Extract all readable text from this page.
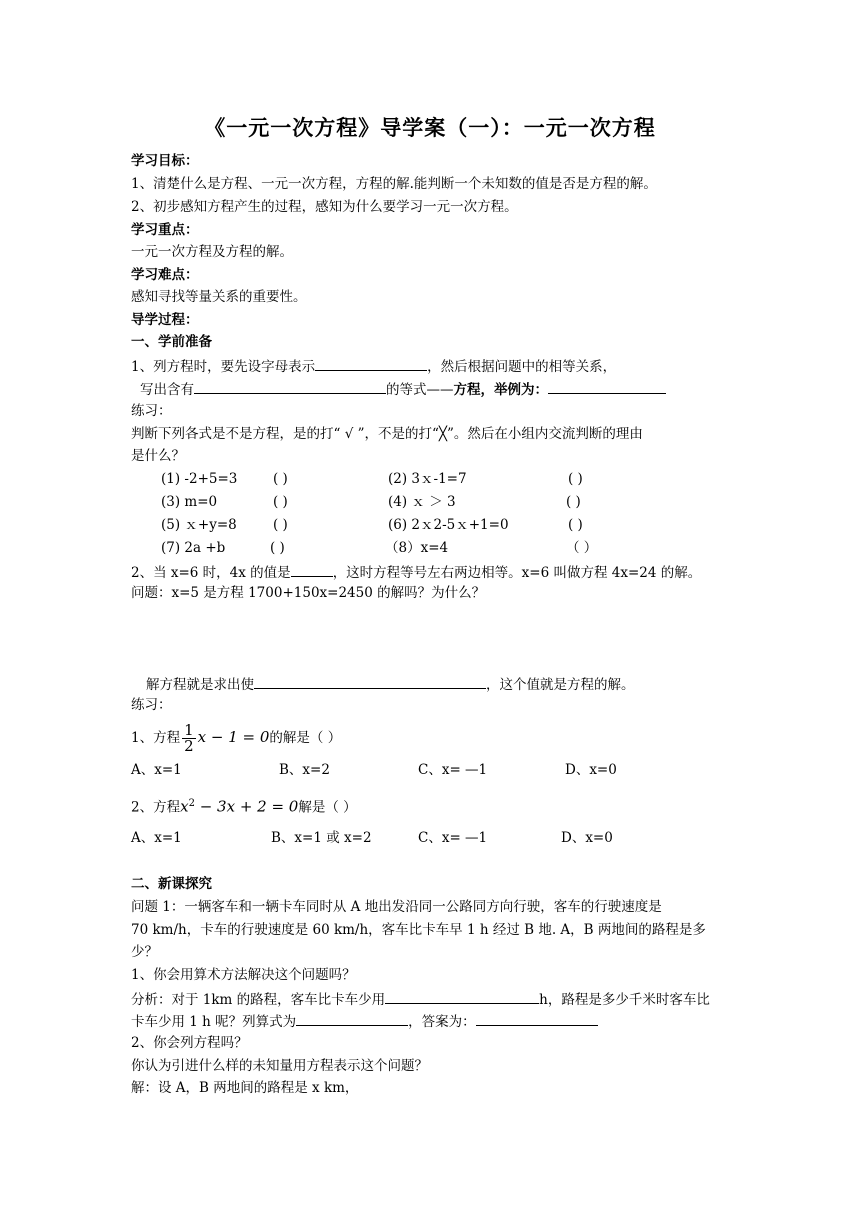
《一元一次方程》导学案（一）：一元一次方程
学习目标：
1、清楚什么是方程、一元一次方程，方程的解.能判断一个未知数的值是否是方程的解。
2、初步感知方程产生的过程，感知为什么要学习一元一次方程。
学习重点：
一元一次方程及方程的解。
学习难点：
感知寻找等量关系的重要性。
导学过程：
一、学前准备
1、列方程时，要先设字母表示	，然后根据问题中的相等关系，
写出含有	的等式——方程，举例为：
练习：
判断下列各式是不是方程，是的打“ √ ”，不是的打“╳”。然后在小组内交流判断的理由
是什么？
(1) -2+5=3	( )	(2) 3ｘ-1=7	( )
(3) m=0	( )	(4) ｘ ＞ 3	( )
(5) ｘ+y=8	( )	(6) 2ｘ2-5ｘ+1=0	( )
(7) 2a +b	( )	（8）x=4	（ ）
2、当 x=6 时，4x 的值是	，这时方程等号左右两边相等。x=6 叫做方程 4x=24 的解。
问题：x=5 是方程 1700+150x=2450 的解吗？为什么？
解方程就是求出使	，这个值就是方程的解。
练习：
1、方程 $\frac{1}{2}$ x − 1 = 0的解是（ ）
A、x=1	B、x=2	C、x= —1	D、x=0
2、方程$x^2 - 3x + 2 = 0$解是（ ）
A、x=1	B、x=1 或 x=2	C、x= —1	D、x=0
二、新课探究
问题 1：一辆客车和一辆卡车同时从 A 地出发沿同一公路同方向行驶，客车的行驶速度是
70 km/h，卡车的行驶速度是 60 km/h，客车比卡车早 1 h 经过 B 地. A，B 两地间的路程是多
少？
1、你会用算术方法解决这个问题吗？
分析：对于 1km 的路程，客车比卡车少用	h，路程是多少千米时客车比
卡车少用 1 h 呢？列算式为	，答案为：
2、你会列方程吗？
你认为引进什么样的未知量用方程表示这个问题？
解：设 A，B 两地间的路程是 x km，
